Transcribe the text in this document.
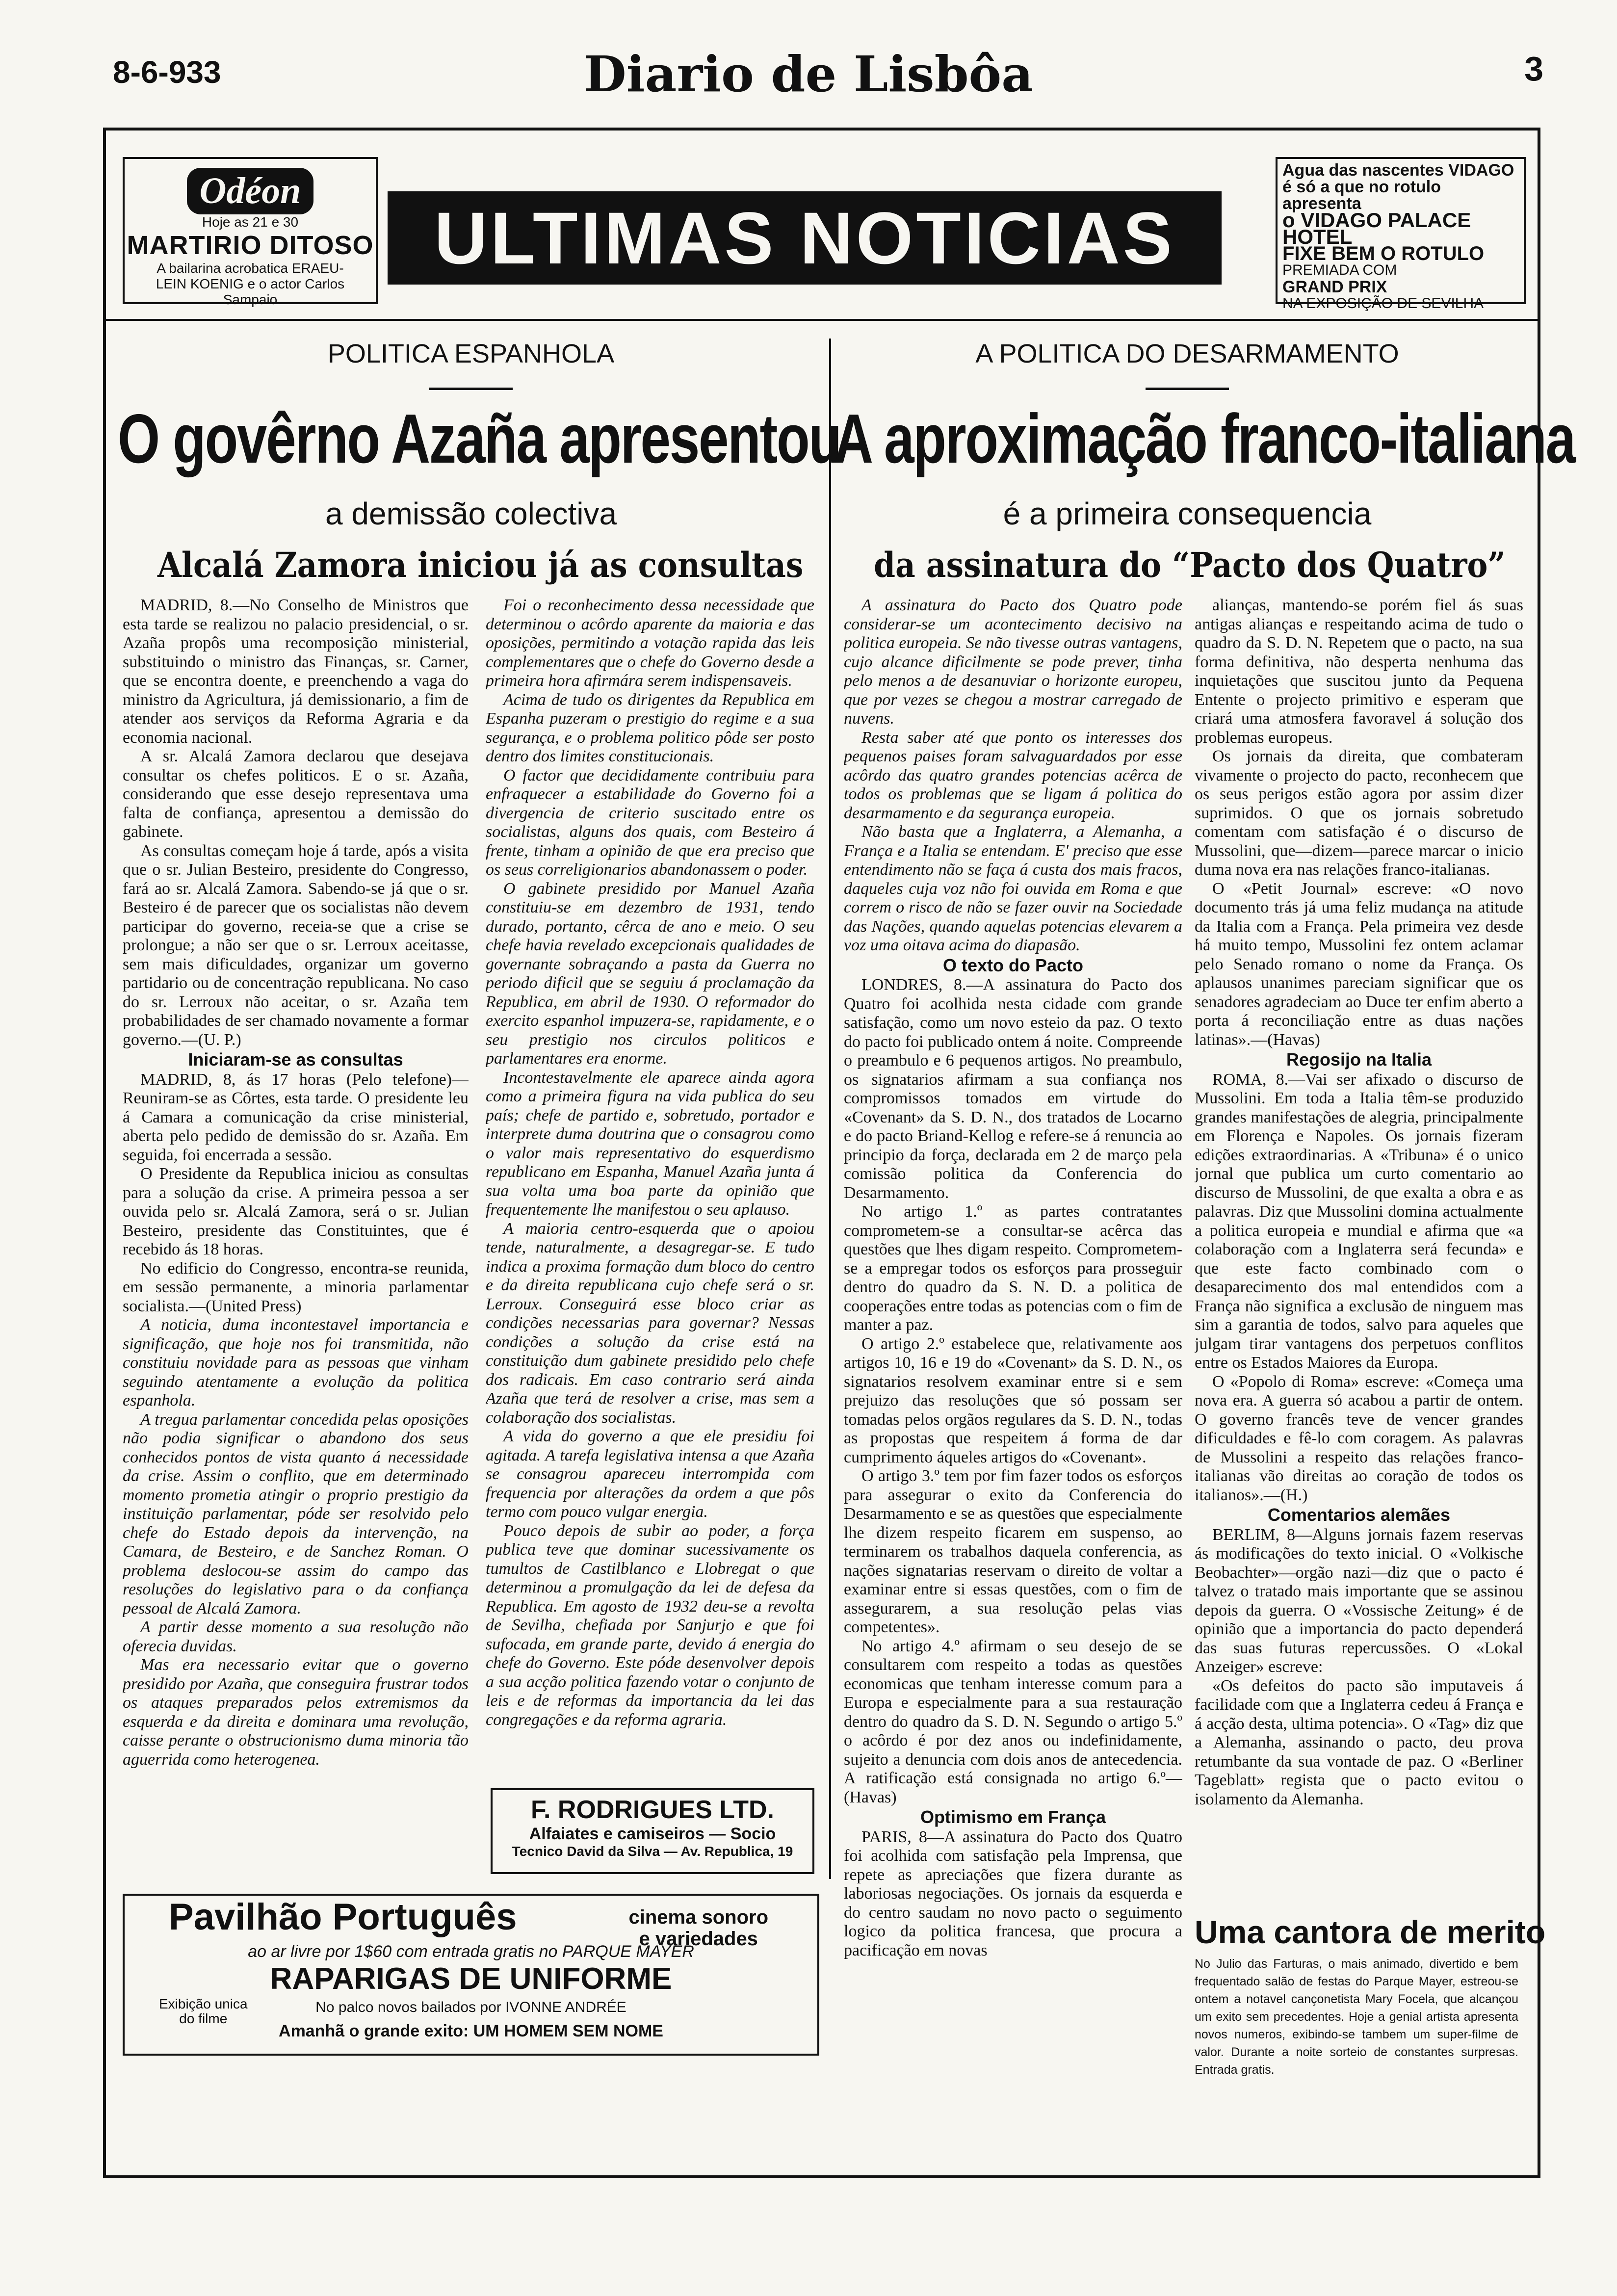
8-6-933	Diario de Lisbôa	3
Odéon
Hoje as 21 e 30
MARTIRIO DITOSO
A bailarina acrobatica ERAEU-
LEIN KOENIG e o actor Carlos
Sampaio
ULTIMAS NOTICIAS
Agua das nascentes VIDAGO
é só a que no rotulo apresenta
o VIDAGO PALACE HOTEL
FIXE BEM O ROTULO
PREMIADA COM
GRAND PRIX
NA EXPOSIÇÃO DE SEVILHA
POLITICA ESPANHOLA
O govêrno Azaña apresentou
a demissão colectiva
Alcalá Zamora iniciou já as consultas

MADRID, 8.—No Conselho de Ministros que esta tarde se realizou no palacio presidencial, o sr. Azaña propôs uma recomposição ministerial, substituindo o ministro das Finanças, sr. Carner, que se encontra doente, e preenchendo a vaga do ministro da Agricultura, já demissionario, a fim de atender aos serviços da Reforma Agraria e da economia nacional.

A sr. Alcalá Zamora declarou que desejava consultar os chefes politicos. E o sr. Azaña, considerando que esse desejo representava uma falta de confiança, apresentou a demissão do gabinete.

As consultas começam hoje á tarde, após a visita que o sr. Julian Besteiro, presidente do Congresso, fará ao sr. Alcalá Zamora. Sabendo-se já que o sr. Besteiro é de parecer que os socialistas não devem participar do governo, receia-se que a crise se prolongue; a não ser que o sr. Lerroux aceitasse, sem mais dificuldades, organizar um governo partidario ou de concentração republicana. No caso do sr. Lerroux não aceitar, o sr. Azaña tem probabilidades de ser chamado novamente a formar governo.—(U. P.)

Iniciaram-se as consultas

MADRID, 8, ás 17 horas (Pelo telefone)—Reuniram-se as Côrtes, esta tarde. O presidente leu á Camara a comunicação da crise ministerial, aberta pelo pedido de demissão do sr. Azaña. Em seguida, foi encerrada a sessão.

O Presidente da Republica iniciou as consultas para a solução da crise. A primeira pessoa a ser ouvida pelo sr. Alcalá Zamora, será o sr. Julian Besteiro, presidente das Constituintes, que é recebido ás 18 horas.

No edificio do Congresso, encontra-se reunida, em sessão permanente, a minoria parlamentar socialista.—(United Press)

A noticia, duma incontestavel importancia e significação, que hoje nos foi transmitida, não constituiu novidade para as pessoas que vinham seguindo atentamente a evolução da politica espanhola.

A tregua parlamentar concedida pelas oposições não podia significar o abandono dos seus conhecidos pontos de vista quanto á necessidade da crise. Assim o conflito, que em determinado momento prometia atingir o proprio prestigio da instituição parlamentar, póde ser resolvido pelo chefe do Estado depois da intervenção, na Camara, de Besteiro, e de Sanchez Roman. O problema deslocou-se assim do campo das resoluções do legislativo para o da confiança pessoal de Alcalá Zamora.

A partir desse momento a sua resolução não oferecia duvidas.

Mas era necessario evitar que o governo presidido por Azaña, que conseguira frustrar todos os ataques preparados pelos extremismos da esquerda e da direita e dominara uma revolução, caisse perante o obstrucionismo duma minoria tão aguerrida como heterogenea.

Foi o reconhecimento dessa necessidade que determinou o acôrdo aparente da maioria e das oposições, permitindo a votação rapida das leis complementares que o chefe do Governo desde a primeira hora afirmára serem indispensaveis.

Acima de tudo os dirigentes da Republica em Espanha puzeram o prestigio do regime e a sua segurança, e o problema politico pôde ser posto dentro dos limites constitucionais.

O factor que decididamente contribuiu para enfraquecer a estabilidade do Governo foi a divergencia de criterio suscitado entre os socialistas, alguns dos quais, com Besteiro á frente, tinham a opinião de que era preciso que os seus correligionarios abandonassem o poder.

O gabinete presidido por Manuel Azaña constituiu-se em dezembro de 1931, tendo durado, portanto, cêrca de ano e meio. O seu chefe havia revelado excepcionais qualidades de governante sobraçando a pasta da Guerra no periodo dificil que se seguiu á proclamação da Republica, em abril de 1930. O reformador do exercito espanhol impuzera-se, rapidamente, e o seu prestigio nos circulos politicos e parlamentares era enorme.

Incontestavelmente ele aparece ainda agora como a primeira figura na vida publica do seu país; chefe de partido e, sobretudo, portador e interprete duma doutrina que o consagrou como o valor mais representativo do esquerdismo republicano em Espanha, Manuel Azaña junta á sua volta uma boa parte da opinião que frequentemente lhe manifestou o seu aplauso.

A maioria centro-esquerda que o apoiou tende, naturalmente, a desagregar-se. E tudo indica a proxima formação dum bloco do centro e da direita republicana cujo chefe será o sr. Lerroux. Conseguirá esse bloco criar as condições necessarias para governar? Nessas condições a solução da crise está na constituição dum gabinete presidido pelo chefe dos radicais. Em caso contrario será ainda Azaña que terá de resolver a crise, mas sem a colaboração dos socialistas.

A vida do governo a que ele presidiu foi agitada. A tarefa legislativa intensa a que Azaña se consagrou apareceu interrompida com frequencia por alterações da ordem a que pôs termo com pouco vulgar energia.

Pouco depois de subir ao poder, a força publica teve que dominar sucessivamente os tumultos de Castilblanco e Llobregat o que determinou a promulgação da lei de defesa da Republica. Em agosto de 1932 deu-se a revolta de Sevilha, chefiada por Sanjurjo e que foi sufocada, em grande parte, devido á energia do chefe do Governo. Este póde desenvolver depois a sua acção politica fazendo votar o conjunto de leis e de reformas da importancia da lei das congregações e da reforma agraria.

F. RODRIGUES LTD.
Alfaiates e camiseiros — Socio
Tecnico David da Silva — Av. Republica, 19
Pavilhão Português	cinema sonoro
e variedades
ao ar livre por 1$60 com entrada gratis no PARQUE MAYER
Exibição unica
do filme
RAPARIGAS DE UNIFORME
No palco novos bailados por IVONNE ANDRÉE
Amanhã o grande exito: UM HOMEM SEM NOME
A POLITICA DO DESARMAMENTO
A aproximação franco-italiana
é a primeira consequencia
da assinatura do “Pacto dos Quatro”

A assinatura do Pacto dos Quatro pode considerar-se um acontecimento decisivo na politica europeia. Se não tivesse outras vantagens, cujo alcance dificilmente se pode prever, tinha pelo menos a de desanuviar o horizonte europeu, que por vezes se chegou a mostrar carregado de nuvens.

Resta saber até que ponto os interesses dos pequenos paises foram salvaguardados por esse acôrdo das quatro grandes potencias acêrca de todos os problemas que se ligam á politica do desarmamento e da segurança europeia.

Não basta que a Inglaterra, a Alemanha, a França e a Italia se entendam. E' preciso que esse entendimento não se faça á custa dos mais fracos, daqueles cuja voz não foi ouvida em Roma e que correm o risco de não se fazer ouvir na Sociedade das Nações, quando aquelas potencias elevarem a voz uma oitava acima do diapasão.

O texto do Pacto

LONDRES, 8.—A assinatura do Pacto dos Quatro foi acolhida nesta cidade com grande satisfação, como um novo esteio da paz. O texto do pacto foi publicado ontem á noite. Compreende o preambulo e 6 pequenos artigos. No preambulo, os signatarios afirmam a sua confiança nos compromissos tomados em virtude do «Covenant» da S. D. N., dos tratados de Locarno e do pacto Briand-Kellog e refere-se á renuncia ao principio da força, declarada em 2 de março pela comissão politica da Conferencia do Desarmamento.

No artigo 1.º as partes contratantes comprometem-se a consultar-se acêrca das questões que lhes digam respeito. Comprometem-se a empregar todos os esforços para prosseguir dentro do quadro da S. N. D. a politica de cooperações entre todas as potencias com o fim de manter a paz.

O artigo 2.º estabelece que, relativamente aos artigos 10, 16 e 19 do «Covenant» da S. D. N., os signatarios resolvem examinar entre si e sem prejuizo das resoluções que só possam ser tomadas pelos orgãos regulares da S. D. N., todas as propostas que respeitem á forma de dar cumprimento áqueles artigos do «Covenant».

O artigo 3.º tem por fim fazer todos os esforços para assegurar o exito da Conferencia do Desarmamento e se as questões que especialmente lhe dizem respeito ficarem em suspenso, ao terminarem os trabalhos daquela conferencia, as nações signatarias reservam o direito de voltar a examinar entre si essas questões, com o fim de assegurarem, a sua resolução pelas vias competentes».

No artigo 4.º afirmam o seu desejo de se consultarem com respeito a todas as questões economicas que tenham interesse comum para a Europa e especialmente para a sua restauração dentro do quadro da S. D. N. Segundo o artigo 5.º o acôrdo é por dez anos ou indefinidamente, sujeito a denuncia com dois anos de antecedencia. A ratificação está consignada no artigo 6.º—(Havas)

Optimismo em França

PARIS, 8—A assinatura do Pacto dos Quatro foi acolhida com satisfação pela Imprensa, que repete as apreciações que fizera durante as laboriosas negociações. Os jornais da esquerda e do centro saudam no novo pacto o seguimento logico da politica francesa, que procura a pacificação em novas

alianças, mantendo-se porém fiel ás suas antigas alianças e respeitando acima de tudo o quadro da S. D. N. Repetem que o pacto, na sua forma definitiva, não desperta nenhuma das inquietações que suscitou junto da Pequena Entente o projecto primitivo e esperam que criará uma atmosfera favoravel á solução dos problemas europeus.

Os jornais da direita, que combateram vivamente o projecto do pacto, reconhecem que os seus perigos estão agora por assim dizer suprimidos. O que os jornais sobretudo comentam com satisfação é o discurso de Mussolini, que—dizem—parece marcar o inicio duma nova era nas relações franco-italianas.

O «Petit Journal» escreve: «O novo documento trás já uma feliz mudança na atitude da Italia com a França. Pela primeira vez desde há muito tempo, Mussolini fez ontem aclamar pelo Senado romano o nome da França. Os aplausos unanimes pareciam significar que os senadores agradeciam ao Duce ter enfim aberto a porta á reconciliação entre as duas nações latinas».—(Havas)

Regosijo na Italia

ROMA, 8.—Vai ser afixado o discurso de Mussolini. Em toda a Italia têm-se produzido grandes manifestações de alegria, principalmente em Florença e Napoles. Os jornais fizeram edições extraordinarias. A «Tribuna» é o unico jornal que publica um curto comentario ao discurso de Mussolini, de que exalta a obra e as palavras. Diz que Mussolini domina actualmente a politica europeia e mundial e afirma que «a colaboração com a Inglaterra será fecunda» e que este facto combinado com o desaparecimento dos mal entendidos com a França não significa a exclusão de ninguem mas sim a garantia de todos, salvo para aqueles que julgam tirar vantagens dos perpetuos conflitos entre os Estados Maiores da Europa.

O «Popolo di Roma» escreve: «Começa uma nova era. A guerra só acabou a partir de ontem. O governo francês teve de vencer grandes dificuldades e fê-lo com coragem. As palavras de Mussolini a respeito das relações franco-italianas vão direitas ao coração de todos os italianos».—(H.)

Comentarios alemães

BERLIM, 8—Alguns jornais fazem reservas ás modificações do texto inicial. O «Volkische Beobachter»—orgão nazi—diz que o pacto é talvez o tratado mais importante que se assinou depois da guerra. O «Vossische Zeitung» é de opinião que a importancia do pacto dependerá das suas futuras repercussões. O «Lokal Anzeiger» escreve:

«Os defeitos do pacto são imputaveis á facilidade com que a Inglaterra cedeu á França e á acção desta, ultima potencia». O «Tag» diz que a Alemanha, assinando o pacto, deu prova retumbante da sua vontade de paz. O «Berliner Tageblatt» regista que o pacto evitou o isolamento da Alemanha.

Uma cantora de merito
No Julio das Farturas, o mais animado, divertido e bem frequentado salão de festas do Parque Mayer, estreou-se ontem a notavel cançonetista Mary Focela, que alcançou um exito sem precedentes. Hoje a genial artista apresenta novos numeros, exibindo-se tambem um super-filme de valor. Durante a noite sorteio de constantes surpresas. Entrada gratis.
